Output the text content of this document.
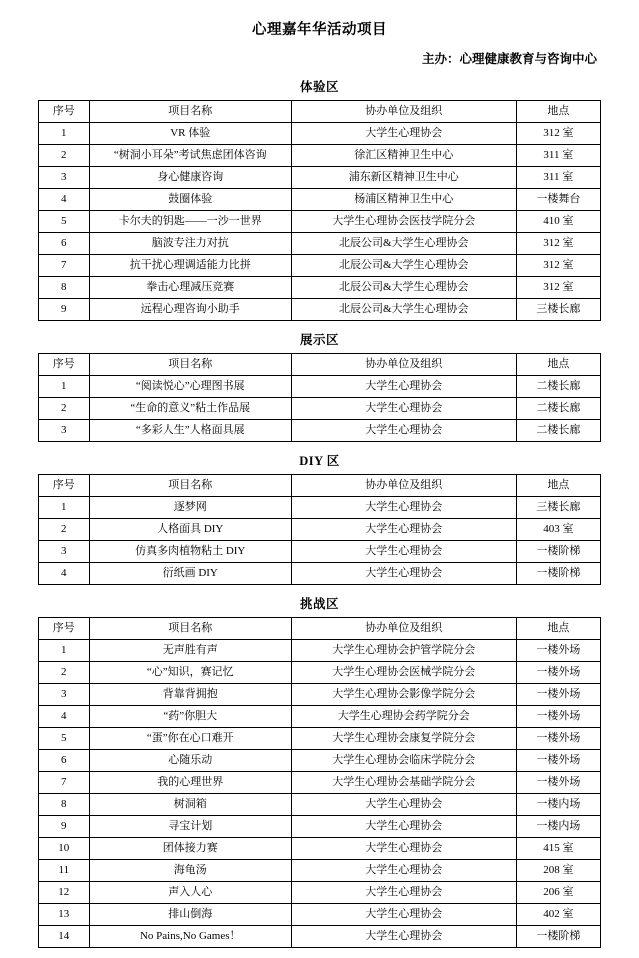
心理嘉年华活动项目
主办：心理健康教育与咨询中心
体验区
序号	项目名称	协办单位及组织	地点
1	VR 体验	大学生心理协会	312 室
2	“树洞小耳朵”考试焦虑团体咨询	徐汇区精神卫生中心	311 室
3	身心健康咨询	浦东新区精神卫生中心	311 室
4	鼓圈体验	杨浦区精神卫生中心	一楼舞台
5	卡尔夫的钥匙——一沙一世界	大学生心理协会医技学院分会	410 室
6	脑波专注力对抗	北辰公司&大学生心理协会	312 室
7	抗干扰心理调适能力比拼	北辰公司&大学生心理协会	312 室
8	拳击心理减压竞赛	北辰公司&大学生心理协会	312 室
9	远程心理咨询小助手	北辰公司&大学生心理协会	三楼长廊
展示区
序号	项目名称	协办单位及组织	地点
1	“阅读悦心”心理图书展	大学生心理协会	二楼长廊
2	“生命的意义”粘土作品展	大学生心理协会	二楼长廊
3	“多彩人生”人格面具展	大学生心理协会	二楼长廊
DIY 区
序号	项目名称	协办单位及组织	地点
1	逐梦网	大学生心理协会	三楼长廊
2	人格面具 DIY	大学生心理协会	403 室
3	仿真多肉植物粘土 DIY	大学生心理协会	一楼阶梯
4	衍纸画 DIY	大学生心理协会	一楼阶梯
挑战区
序号	项目名称	协办单位及组织	地点
1	无声胜有声	大学生心理协会护管学院分会	一楼外场
2	“心”知识，赛记忆	大学生心理协会医械学院分会	一楼外场
3	背靠背拥抱	大学生心理协会影像学院分会	一楼外场
4	“药”你胆大	大学生心理协会药学院分会	一楼外场
5	“蛋”你在心口难开	大学生心理协会康复学院分会	一楼外场
6	心随乐动	大学生心理协会临床学院分会	一楼外场
7	我的心理世界	大学生心理协会基础学院分会	一楼外场
8	树洞箱	大学生心理协会	一楼内场
9	寻宝计划	大学生心理协会	一楼内场
10	团体接力赛	大学生心理协会	415 室
11	海龟汤	大学生心理协会	208 室
12	声入人心	大学生心理协会	206 室
13	排山倒海	大学生心理协会	402 室
14	No Pains,No Games！	大学生心理协会	一楼阶梯
